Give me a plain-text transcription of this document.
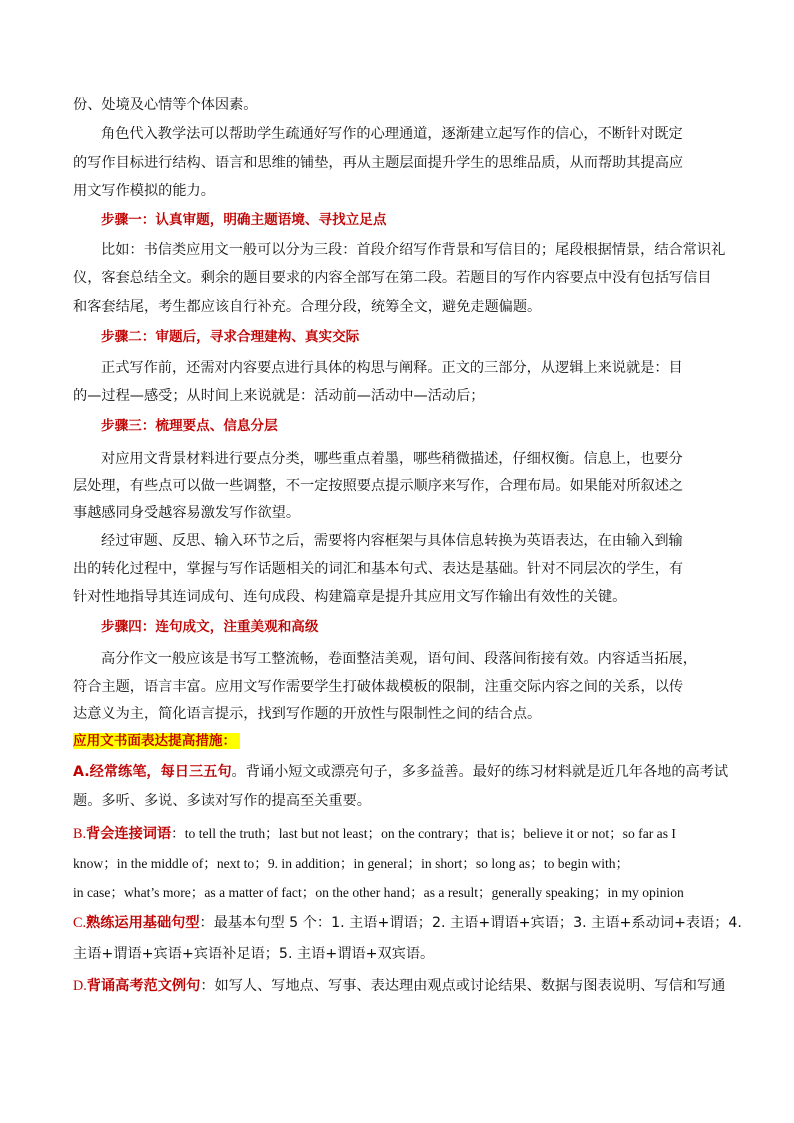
份、处境及心情等个体因素。
角色代入教学法可以帮助学生疏通好写作的心理通道，逐渐建立起写作的信心，不断针对既定
的写作目标进行结构、语言和思维的铺垫，再从主题层面提升学生的思维品质，从而帮助其提高应
用文写作模拟的能力。
步骤一：认真审题，明确主题语境、寻找立足点
比如：书信类应用文一般可以分为三段：首段介绍写作背景和写信目的；尾段根据情景，结合常识礼
仪，客套总结全文。剩余的题目要求的内容全部写在第二段。若题目的写作内容要点中没有包括写信目
和客套结尾，考生都应该自行补充。合理分段，统筹全文，避免走题偏题。
步骤二：审题后，寻求合理建构、真实交际
正式写作前，还需对内容要点进行具体的构思与阐释。正文的三部分，从逻辑上来说就是：目
的—过程—感受；从时间上来说就是：活动前—活动中—活动后；
步骤三：梳理要点、信息分层
对应用文背景材料进行要点分类，哪些重点着墨，哪些稍微描述，仔细权衡。信息上，也要分
层处理，有些点可以做一些调整，不一定按照要点提示顺序来写作，合理布局。如果能对所叙述之
事越感同身受越容易激发写作欲望。
经过审题、反思、输入环节之后，需要将内容框架与具体信息转换为英语表达，在由输入到输
出的转化过程中，掌握与写作话题相关的词汇和基本句式、表达是基础。针对不同层次的学生，有
针对性地指导其连词成句、连句成段、构建篇章是提升其应用文写作输出有效性的关键。
步骤四：连句成文，注重美观和高级
高分作文一般应该是书写工整流畅，卷面整洁美观，语句间、段落间衔接有效。内容适当拓展，
符合主题，语言丰富。应用文写作需要学生打破体裁模板的限制，注重交际内容之间的关系，以传
达意义为主，简化语言提示，找到写作题的开放性与限制性之间的结合点。
应用文书面表达提高措施：
A.经常练笔，每日三五句。背诵小短文或漂亮句子，多多益善。最好的练习材料就是近几年各地的高考试
题。多听、多说、多读对写作的提高至关重要。
B.背会连接词语：to tell the truth；last but not least；on the contrary；that is；believe it or not；so far as I
know；in the middle of；next to；9. in addition；in general；in short；so long as；to begin with；
in case；what’s more；as a matter of fact；on the other hand；as a result；generally speaking；in my opinion
C.熟练运用基础句型：最基本句型 5 个：1. 主语+谓语；2. 主语+谓语+宾语；3. 主语+系动词+表语；4.
主语+谓语+宾语+宾语补足语；5. 主语+谓语+双宾语。
D.背诵高考范文例句：如写人、写地点、写事、表达理由观点或讨论结果、数据与图表说明、写信和写通
